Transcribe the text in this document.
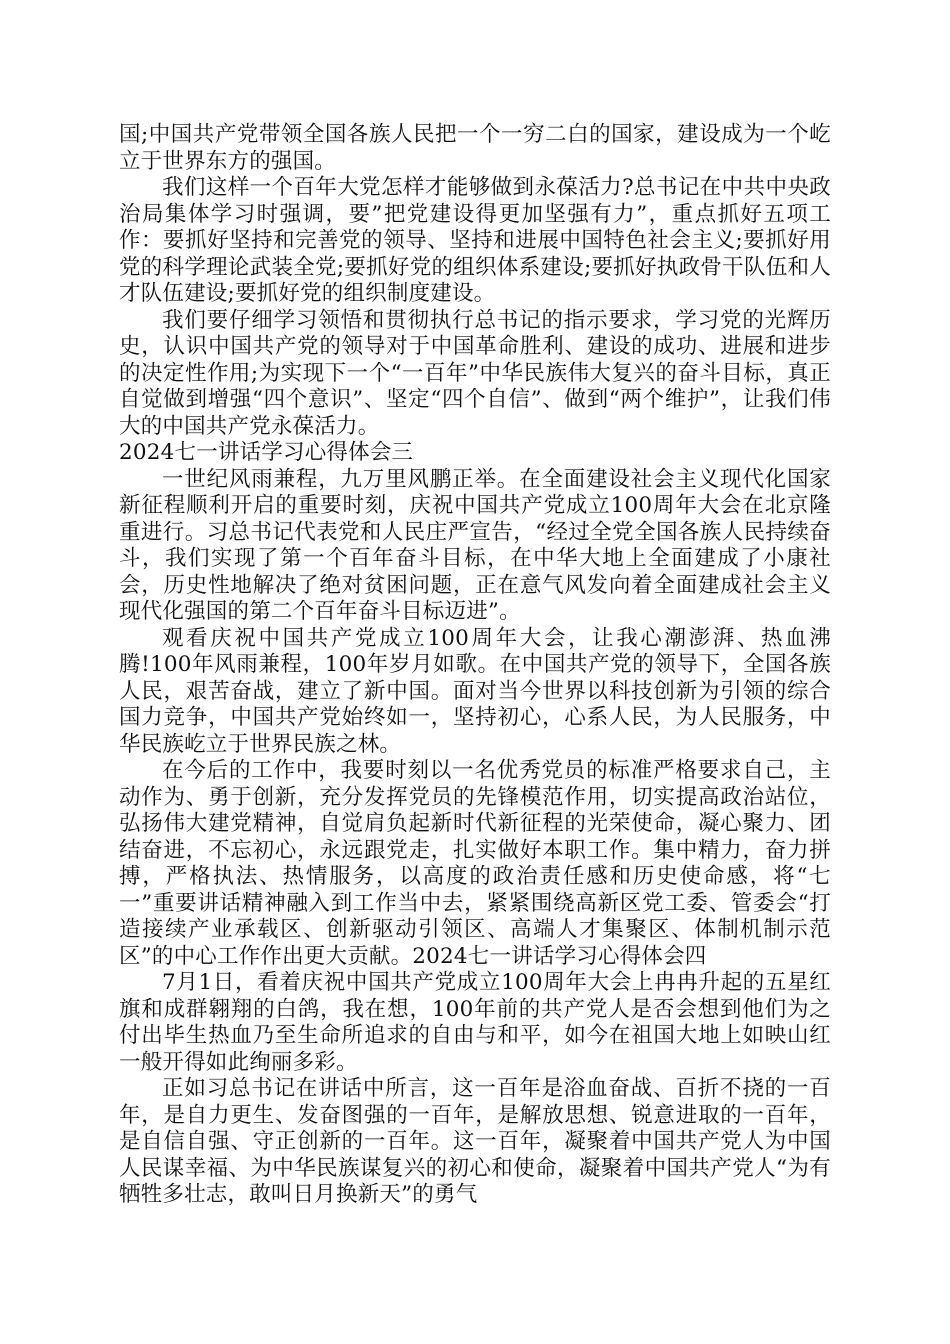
国;中国共产党带领全国各族人民把一个一穷二白的国家，建设成为一个屹立于世界东方的强国。

我们这样一个百年大党怎样才能够做到永葆活力?总书记在中共中央政治局集体学习时强调，要”把党建设得更加坚强有力”，重点抓好五项工作：要抓好坚持和完善党的领导、坚持和进展中国特色社会主义;要抓好用党的科学理论武装全党;要抓好党的组织体系建设;要抓好执政骨干队伍和人才队伍建设;要抓好党的组织制度建设。

我们要仔细学习领悟和贯彻执行总书记的指示要求，学习党的光辉历史，认识中国共产党的领导对于中国革命胜利、建设的成功、进展和进步的决定性作用;为实现下一个“一百年”中华民族伟大复兴的奋斗目标，真正自觉做到增强“四个意识”、坚定“四个自信”、做到“两个维护”，让我们伟大的中国共产党永葆活力。

2024七一讲话学习心得体会三

一世纪风雨兼程，九万里风鹏正举。在全面建设社会主义现代化国家新征程顺利开启的重要时刻，庆祝中国共产党成立100周年大会在北京隆重进行。习总书记代表党和人民庄严宣告，“经过全党全国各族人民持续奋斗，我们实现了第一个百年奋斗目标，在中华大地上全面建成了小康社会，历史性地解决了绝对贫困问题，正在意气风发向着全面建成社会主义现代化强国的第二个百年奋斗目标迈进”。

观看庆祝中国共产党成立100周年大会，让我心潮澎湃、热血沸腾!100年风雨兼程，100年岁月如歌。在中国共产党的领导下，全国各族人民，艰苦奋战，建立了新中国。面对当今世界以科技创新为引领的综合国力竞争，中国共产党始终如一，坚持初心，心系人民，为人民服务，中华民族屹立于世界民族之林。

在今后的工作中，我要时刻以一名优秀党员的标准严格要求自己，主动作为、勇于创新，充分发挥党员的先锋模范作用，切实提高政治站位，弘扬伟大建党精神，自觉肩负起新时代新征程的光荣使命，凝心聚力、团结奋进，不忘初心，永远跟党走，扎实做好本职工作。集中精力，奋力拼搏，严格执法、热情服务，以高度的政治责任感和历史使命感，将“七一”重要讲话精神融入到工作当中去，紧紧围绕高新区党工委、管委会“打造接续产业承载区、创新驱动引领区、高端人才集聚区、体制机制示范区”的中心工作作出更大贡献。2024七一讲话学习心得体会四

7月1日，看着庆祝中国共产党成立100周年大会上冉冉升起的五星红旗和成群翱翔的白鸽，我在想，100年前的共产党人是否会想到他们为之付出毕生热血乃至生命所追求的自由与和平，如今在祖国大地上如映山红一般开得如此绚丽多彩。

正如习总书记在讲话中所言，这一百年是浴血奋战、百折不挠的一百年，是自力更生、发奋图强的一百年，是解放思想、锐意进取的一百年，是自信自强、守正创新的一百年。这一百年，凝聚着中国共产党人为中国人民谋幸福、为中华民族谋复兴的初心和使命，凝聚着中国共产党人“为有牺牲多壮志，敢叫日月换新天”的勇气
